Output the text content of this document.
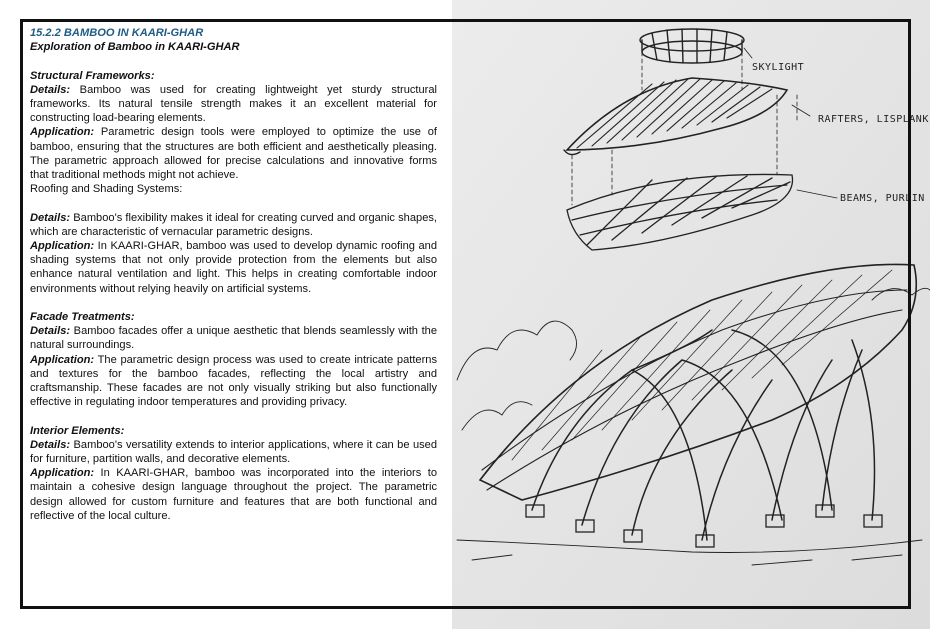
SKYLIGHT
RAFTERS, LISPLANK
BEAMS, PURLIN

15.2.2 BAMBOO IN KAARI-GHAR

Exploration of Bamboo in KAARI-GHAR

Structural Frameworks:

Details: Bamboo was used for creating lightweight yet sturdy structural frameworks. Its natural tensile strength makes it an excellent material for constructing load-bearing elements.

Application: Parametric design tools were employed to optimize the use of bamboo, ensuring that the structures are both efficient and aesthetically pleasing. The parametric approach allowed for precise calculations and innovative forms that traditional methods might not achieve.

Roofing and Shading Systems:

Details: Bamboo's flexibility makes it ideal for creating curved and organic shapes, which are characteristic of vernacular parametric designs.

Application: In KAARI-GHAR, bamboo was used to develop dynamic roofing and shading systems that not only provide protection from the elements but also enhance natural ventilation and light. This helps in creating comfortable indoor environments without relying heavily on artificial systems.

Facade Treatments:

Details: Bamboo facades offer a unique aesthetic that blends seamlessly with the natural surroundings.

Application: The parametric design process was used to create intricate patterns and textures for the bamboo facades, reflecting the local artistry and craftsmanship. These facades are not only visually striking but also functionally effective in regulating indoor temperatures and providing privacy.

Interior Elements:

Details: Bamboo's versatility extends to interior applications, where it can be used for furniture, partition walls, and decorative elements.

Application: In KAARI-GHAR, bamboo was incorporated into the interiors to maintain a cohesive design language throughout the project. The parametric design allowed for custom furniture and features that are both functional and reflective of the local culture.
